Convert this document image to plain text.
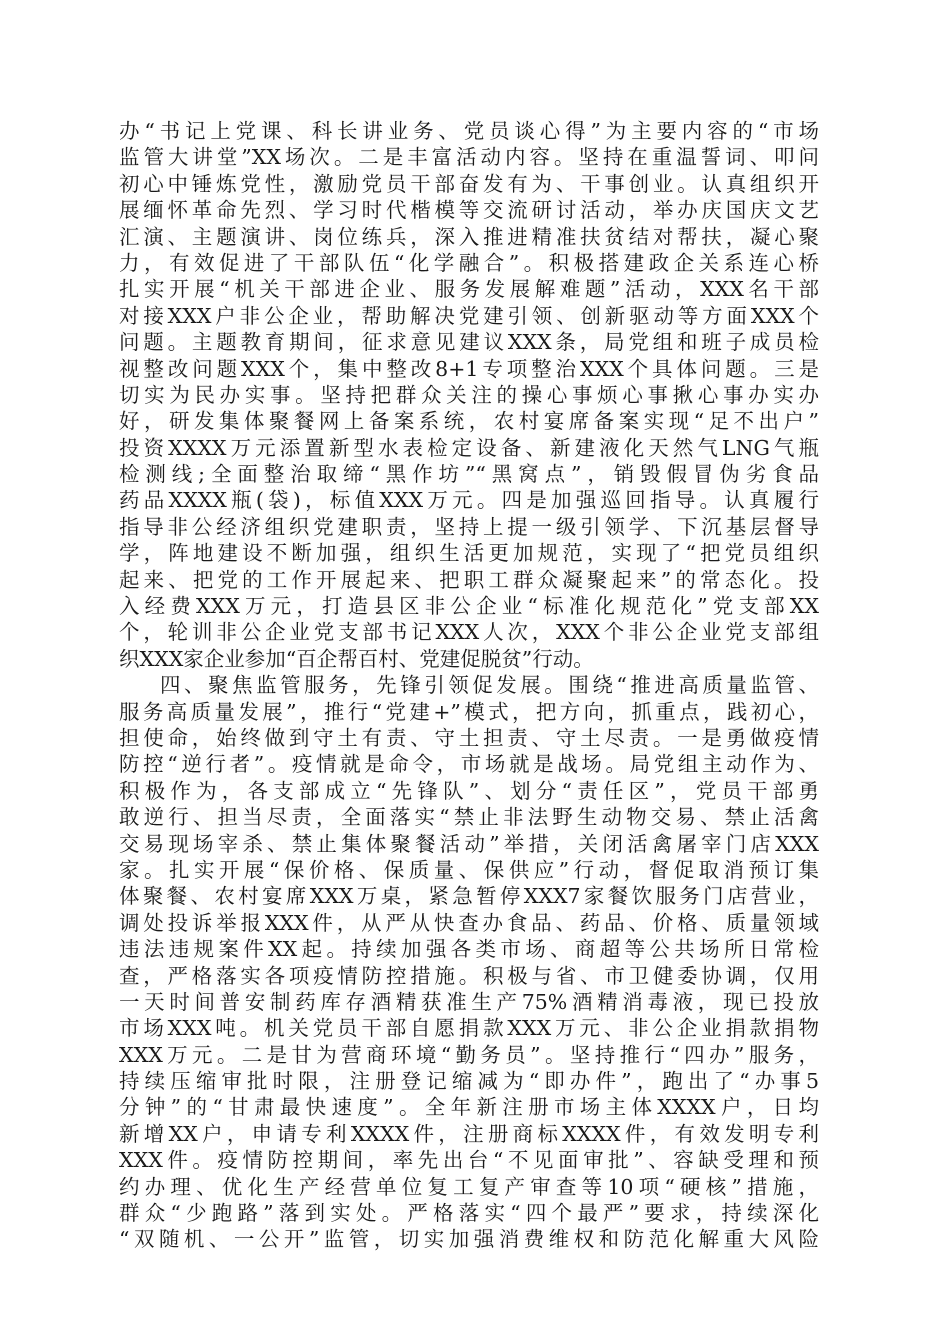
办“书记上党课、科长讲业务、党员谈心得”为主要内容的“市场
监管大讲堂”XX场次。二是丰富活动内容。坚持在重温誓词、叩问
初心中锤炼党性，激励党员干部奋发有为、干事创业。认真组织开
展缅怀革命先烈、学习时代楷模等交流研讨活动，举办庆国庆文艺
汇演、主题演讲、岗位练兵，深入推进精准扶贫结对帮扶，凝心聚
力，有效促进了干部队伍“化学融合”。积极搭建政企关系连心桥
扎实开展“机关干部进企业、服务发展解难题”活动，XXX名干部
对接XXX户非公企业，帮助解决党建引领、创新驱动等方面XXX个
问题。主题教育期间，征求意见建议XXX条，局党组和班子成员检
视整改问题XXX个，集中整改8+1专项整治XXX个具体问题。三是
切实为民办实事。坚持把群众关注的操心事烦心事揪心事办实办
好，研发集体聚餐网上备案系统，农村宴席备案实现“足不出户”
投资XXXX万元添置新型水表检定设备、新建液化天然气LNG气瓶
检测线;全面整治取缔“黑作坊”“黑窝点”，销毁假冒伪劣食品
药品XXXX瓶(袋)，标值XXX万元。四是加强巡回指导。认真履行
指导非公经济组织党建职责，坚持上提一级引领学、下沉基层督导
学，阵地建设不断加强，组织生活更加规范，实现了“把党员组织
起来、把党的工作开展起来、把职工群众凝聚起来”的常态化。投
入经费XXX万元，打造县区非公企业“标准化规范化”党支部XX
个，轮训非公企业党支部书记XXX人次，XXX个非公企业党支部组
织XXX家企业参加“百企帮百村、党建促脱贫”行动。
四、聚焦监管服务，先锋引领促发展。围绕“推进高质量监管、
服务高质量发展”，推行“党建+”模式，把方向，抓重点，践初心，
担使命，始终做到守土有责、守土担责、守土尽责。一是勇做疫情
防控“逆行者”。疫情就是命令，市场就是战场。局党组主动作为、
积极作为，各支部成立“先锋队”、划分“责任区”，党员干部勇
敢逆行、担当尽责，全面落实“禁止非法野生动物交易、禁止活禽
交易现场宰杀、禁止集体聚餐活动”举措，关闭活禽屠宰门店XXX
家。扎实开展“保价格、保质量、保供应”行动，督促取消预订集
体聚餐、农村宴席XXX万桌，紧急暂停XXX7家餐饮服务门店营业，
调处投诉举报XXX件，从严从快查办食品、药品、价格、质量领域
违法违规案件XX起。持续加强各类市场、商超等公共场所日常检
查，严格落实各项疫情防控措施。积极与省、市卫健委协调，仅用
一天时间普安制药库存酒精获准生产75%酒精消毒液，现已投放
市场XXX吨。机关党员干部自愿捐款XXX万元、非公企业捐款捐物
XXX万元。二是甘为营商环境“勤务员”。坚持推行“四办”服务，
持续压缩审批时限，注册登记缩减为“即办件”，跑出了“办事5
分钟”的“甘肃最快速度”。全年新注册市场主体XXXX户，日均
新增XX户，申请专利XXXX件，注册商标XXXX件，有效发明专利
XXX件。疫情防控期间，率先出台“不见面审批”、容缺受理和预
约办理、优化生产经营单位复工复产审查等10项“硬核”措施，
群众“少跑路”落到实处。严格落实“四个最严”要求，持续深化
“双随机、一公开”监管，切实加强消费维权和防范化解重大风险
